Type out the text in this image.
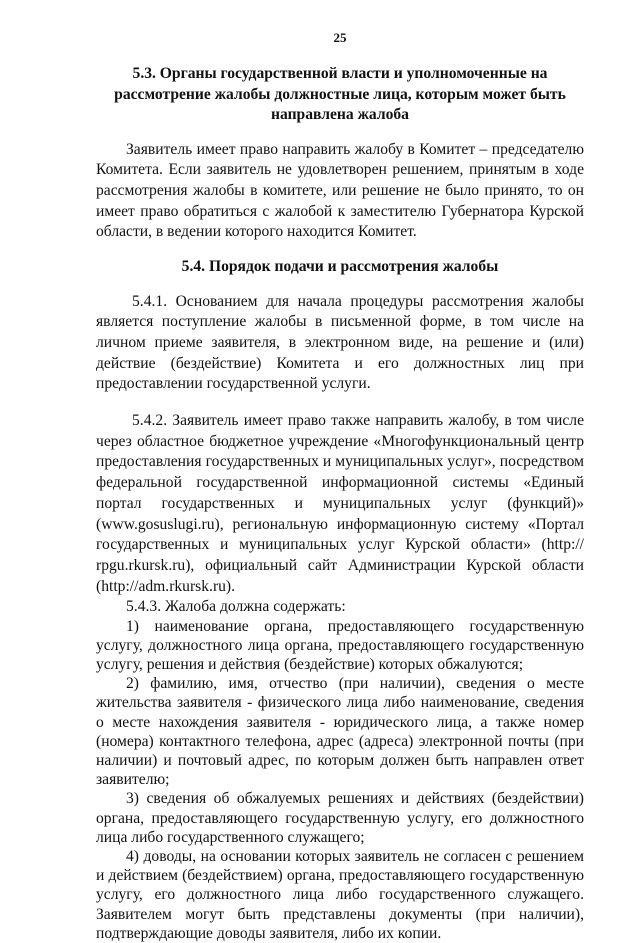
25
5.3. Органы государственной власти и уполномоченные на рассмотрение жалобы должностные лица, которым может быть направлена жалоба

Заявитель имеет право направить жалобу в Комитет – председателю Комитета. Если заявитель не удовлетворен решением, принятым в ходе рассмотрения жалобы в комитете, или решение не было принято, то он имеет право обратиться с жалобой к заместителю Губернатора Курской области, в ведении которого находится Комитет.

5.4. Порядок подачи и рассмотрения жалобы

5.4.1. Основанием для начала процедуры рассмотрения жалобы является поступление жалобы в письменной форме, в том числе на личном приеме заявителя, в электронном виде, на решение и (или) действие (бездействие) Комитета и его должностных лиц при предоставлении государственной услуги.

5.4.2. Заявитель имеет право также направить жалобу, в том числе через областное бюджетное учреждение «Многофункциональный центр предоставления государственных и муниципальных услуг», посредством федеральной государственной информационной системы «Единый портал государственных и муниципальных услуг (функций)» (www.gosuslugi.ru), региональную информационную систему «Портал государственных и муниципальных услуг Курской области» (http:// rpgu.rkursk.ru), официальный сайт Администрации Курской области (http://adm.rkursk.ru).

5.4.3. Жалоба должна содержать:

1) наименование органа, предоставляющего государственную услугу, должностного лица органа, предоставляющего государственную услугу, решения и действия (бездействие) которых обжалуются;

2) фамилию, имя, отчество (при наличии), сведения о месте жительства заявителя - физического лица либо наименование, сведения о месте нахождения заявителя - юридического лица, а также номер (номера) контактного телефона, адрес (адреса) электронной почты (при наличии) и почтовый адрес, по которым должен быть направлен ответ заявителю;

3) сведения об обжалуемых решениях и действиях (бездействии) органа, предоставляющего государственную услугу, его должностного лица либо государственного служащего;

4) доводы, на основании которых заявитель не согласен с решением и действием (бездействием) органа, предоставляющего государственную услугу, его должностного лица либо государственного служащего. Заявителем могут быть представлены документы (при наличии), подтверждающие доводы заявителя, либо их копии.
